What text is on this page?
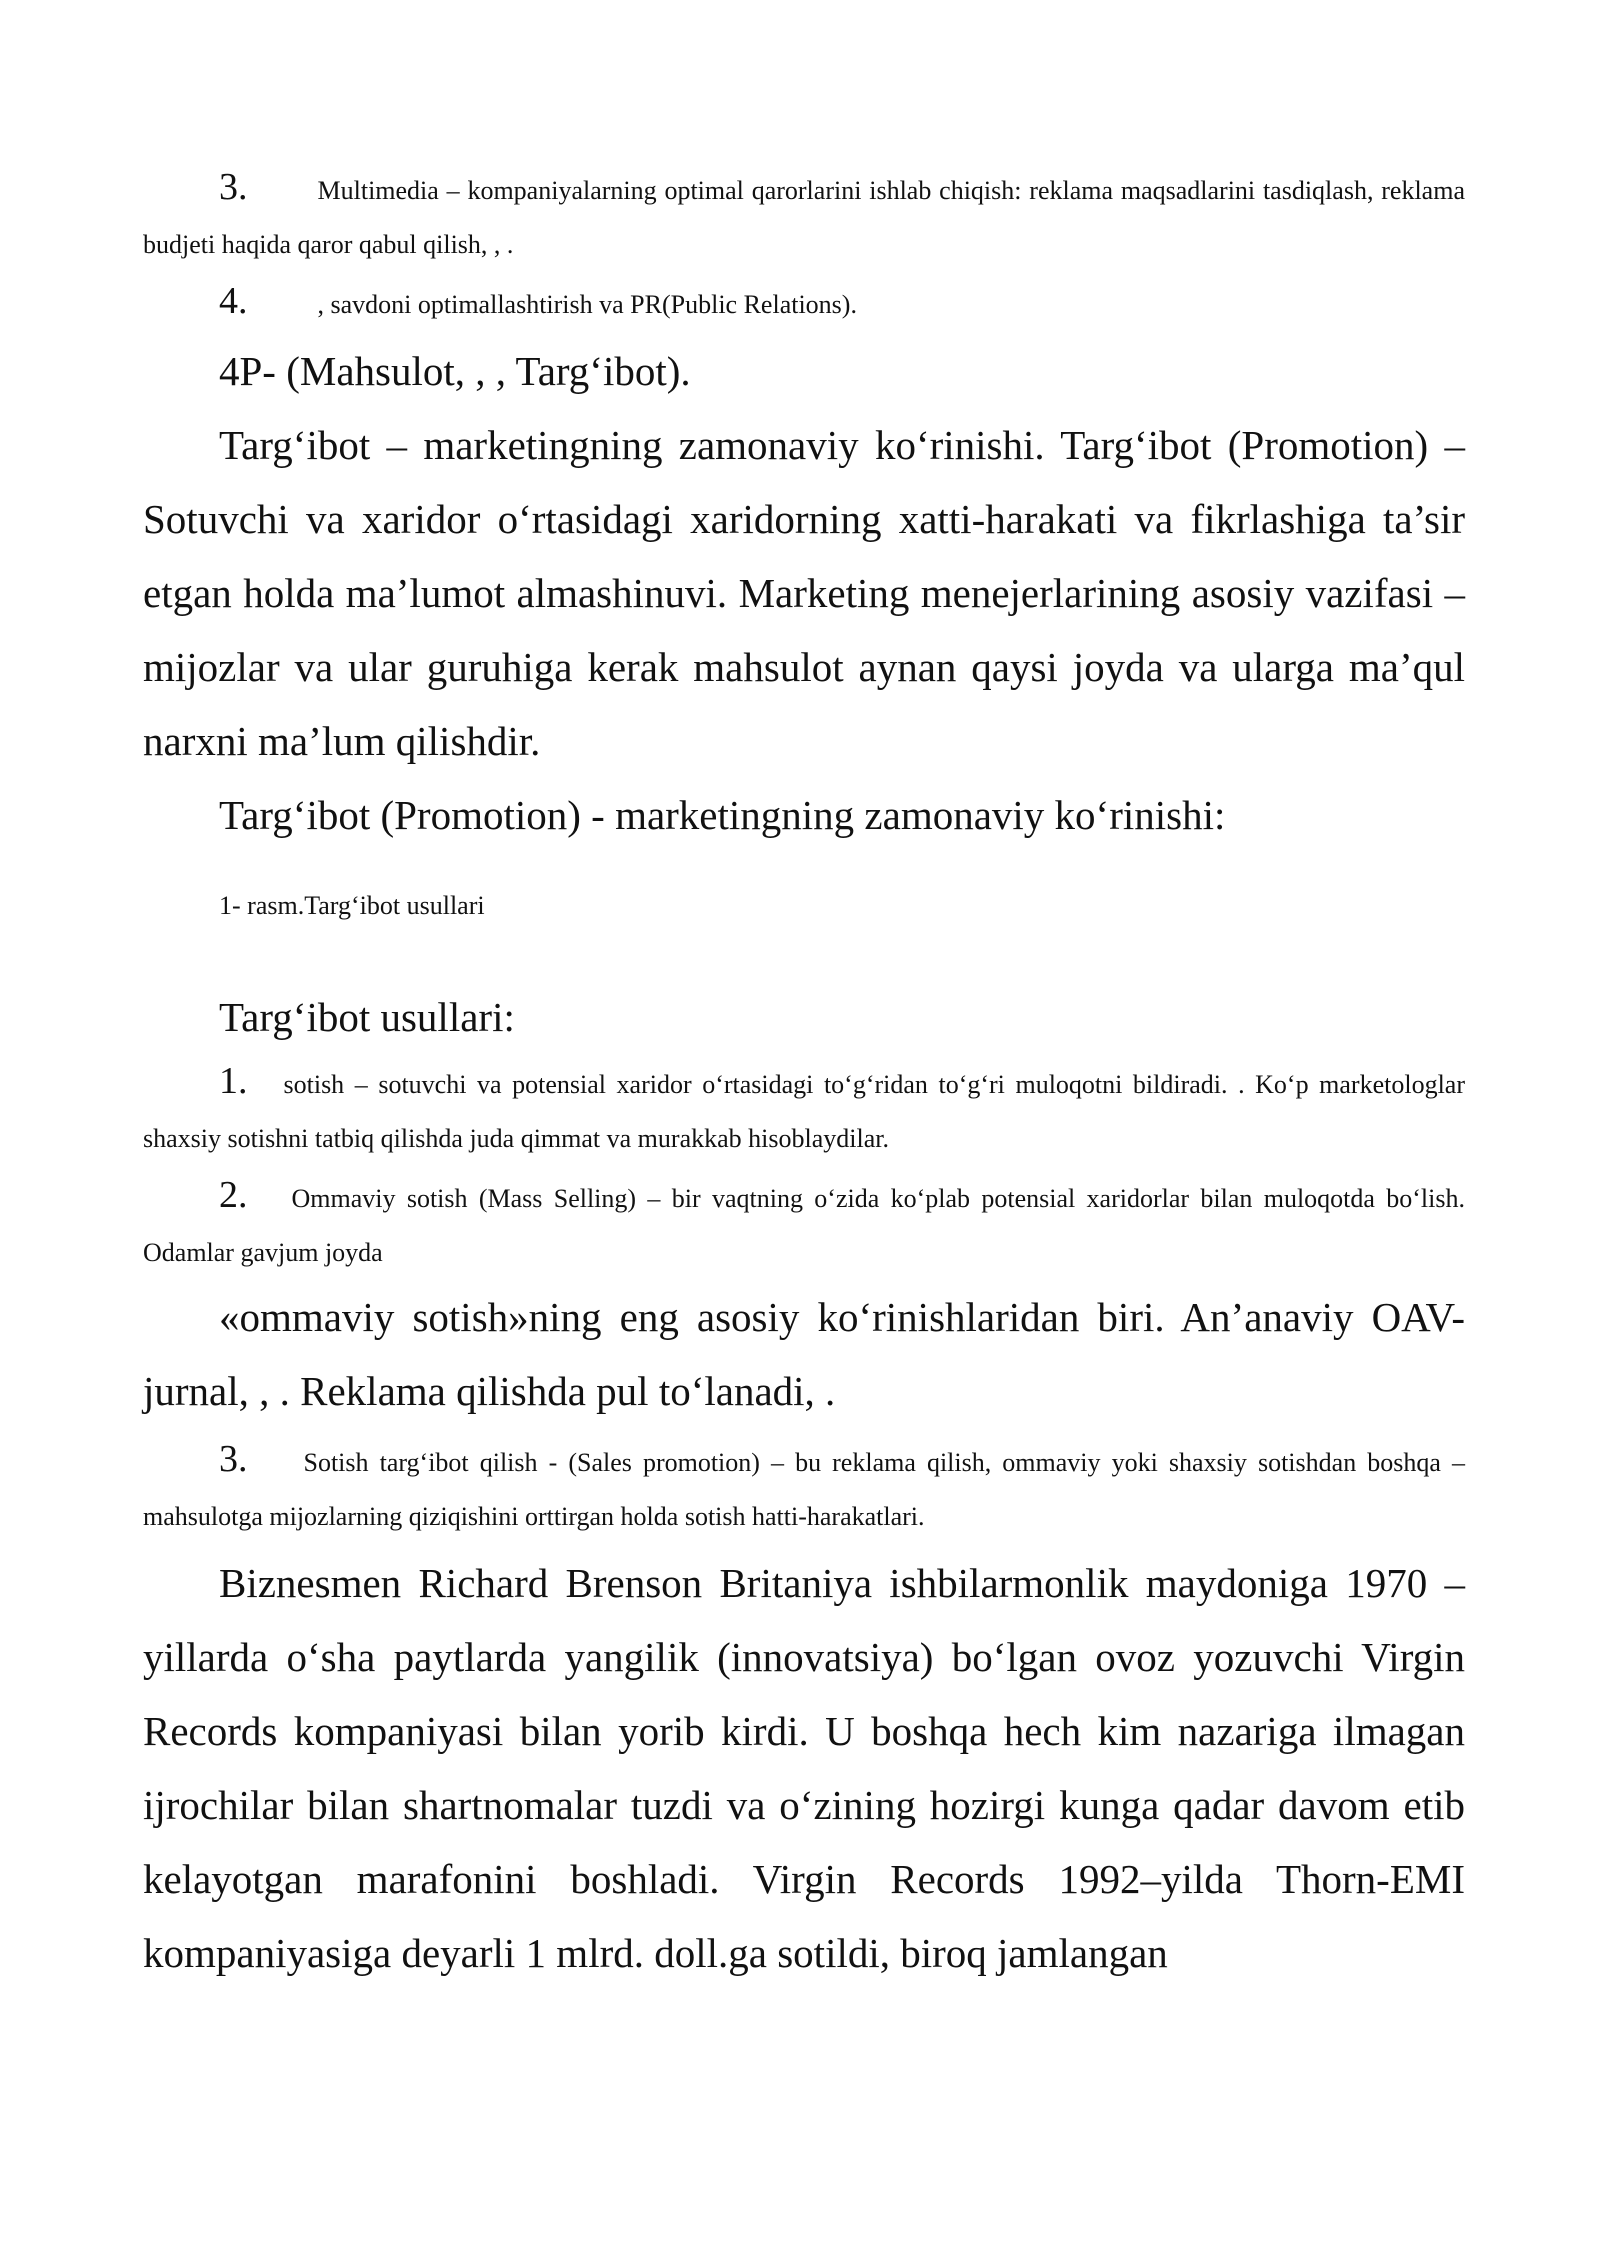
3.	Multimedia – kompaniyalarning optimal qarorlarini ishlab chiqish: reklama maqsadlarini tasdiqlash, reklama budjeti haqida qaror qabul qilish, , .

4.	, savdoni optimallashtirish va PR(Public Relations).

4P- (Mahsulot, , , Targ‘ibot).

Targ‘ibot – marketingning zamonaviy ko‘rinishi. Targ‘ibot (Promotion) – Sotuvchi va xaridor o‘rtasidagi xaridorning xatti-harakati va fikrlashiga ta’sir etgan holda ma’lumot almashinuvi. Marketing menejerlarining asosiy vazifasi – mijozlar va ular guruhiga kerak mahsulot aynan qaysi joyda va ularga ma’qul narxni ma’lum qilishdir.

Targ‘ibot (Promotion) - marketingning zamonaviy ko‘rinishi:

1- rasm.Targ‘ibot usullari

Targ‘ibot usullari:

1. sotish – sotuvchi va potensial xaridor o‘rtasidagi to‘g‘ridan to‘g‘ri muloqotni bildiradi. . Ko‘p marketologlar shaxsiy sotishni tatbiq qilishda juda qimmat va murakkab hisoblaydilar.

2. Ommaviy sotish (Mass Selling) – bir vaqtning o‘zida ko‘plab potensial xaridorlar bilan muloqotda bo‘lish. Odamlar gavjum joyda

«ommaviy sotish»ning eng asosiy ko‘rinishlaridan biri. An’anaviy OAV-jurnal, , . Reklama qilishda pul to‘lanadi, .

3. Sotish targ‘ibot qilish - (Sales promotion) – bu reklama qilish, ommaviy yoki shaxsiy sotishdan boshqa – mahsulotga mijozlarning qiziqishini orttirgan holda sotish hatti-harakatlari.

Biznesmen Richard Brenson Britaniya ishbilarmonlik maydoniga 1970 – yillarda o‘sha paytlarda yangilik (innovatsiya) bo‘lgan ovoz yozuvchi Virgin Records kompaniyasi bilan yorib kirdi. U boshqa hech kim nazariga ilmagan ijrochilar bilan shartnomalar tuzdi va o‘zining hozirgi kunga qadar davom etib kelayotgan marafonini boshladi. Virgin Records 1992–yilda Thorn-EMI kompaniyasiga deyarli 1 mlrd. doll.ga sotildi, biroq jamlangan
